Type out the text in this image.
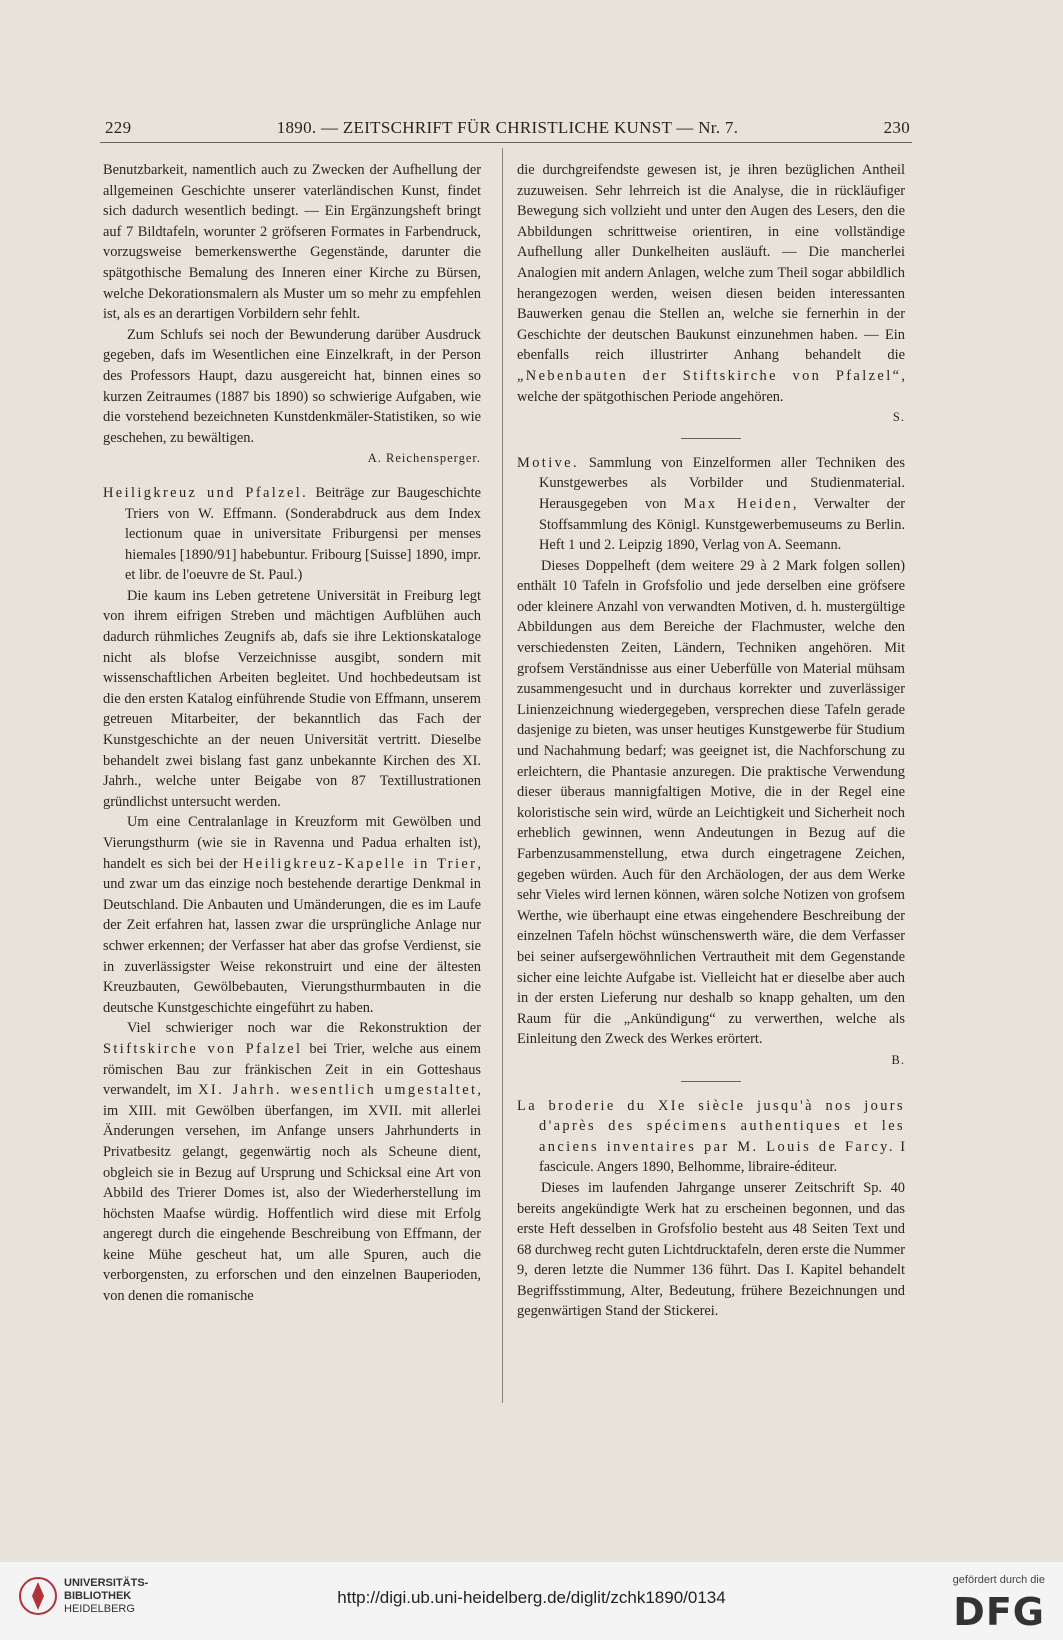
229	1890. — ZEITSCHRIFT FÜR CHRISTLICHE KUNST — Nr. 7.	230

Benutzbarkeit, namentlich auch zu Zwecken der Aufhellung der allgemeinen Geschichte unserer vaterländischen Kunst, findet sich dadurch wesentlich bedingt. — Ein Ergänzungsheft bringt auf 7 Bildtafeln, worunter 2 gröfseren Formates in Farbendruck, vorzugsweise bemerkenswerthe Gegenstände, darunter die spätgothische Bemalung des Inneren einer Kirche zu Bürsen, welche Dekorationsmalern als Muster um so mehr zu empfehlen ist, als es an derartigen Vorbildern sehr fehlt.

Zum Schlufs sei noch der Bewunderung darüber Ausdruck gegeben, dafs im Wesentlichen eine Einzelkraft, in der Person des Professors Haupt, dazu ausgereicht hat, binnen eines so kurzen Zeitraumes (1887 bis 1890) so schwierige Aufgaben, wie die vorstehend bezeichneten Kunstdenkmäler-Statistiken, so wie geschehen, zu bewältigen.

A. Reichensperger.

Heiligkreuz und Pfalzel. Beiträge zur Baugeschichte Triers von W. Effmann. (Sonderabdruck aus dem Index lectionum quae in universitate Friburgensi per menses hiemales [1890/91] habebuntur. Fribourg [Suisse] 1890, impr. et libr. de l'oeuvre de St. Paul.)

Die kaum ins Leben getretene Universität in Freiburg legt von ihrem eifrigen Streben und mächtigen Aufblühen auch dadurch rühmliches Zeugnifs ab, dafs sie ihre Lektionskataloge nicht als blofse Verzeichnisse ausgibt, sondern mit wissenschaftlichen Arbeiten begleitet. Und hochbedeutsam ist die den ersten Katalog einführende Studie von Effmann, unserem getreuen Mitarbeiter, der bekanntlich das Fach der Kunstgeschichte an der neuen Universität vertritt. Dieselbe behandelt zwei bislang fast ganz unbekannte Kirchen des XI. Jahrh., welche unter Beigabe von 87 Textillustrationen gründlichst untersucht werden.

Um eine Centralanlage in Kreuzform mit Gewölben und Vierungsthurm (wie sie in Ravenna und Padua erhalten ist), handelt es sich bei der Heiligkreuz-Kapelle in Trier, und zwar um das einzige noch bestehende derartige Denkmal in Deutschland. Die Anbauten und Umänderungen, die es im Laufe der Zeit erfahren hat, lassen zwar die ursprüngliche Anlage nur schwer erkennen; der Verfasser hat aber das grofse Verdienst, sie in zuverlässigster Weise rekonstruirt und eine der ältesten Kreuzbauten, Gewölbebauten, Vierungsthurmbauten in die deutsche Kunstgeschichte eingeführt zu haben.

Viel schwieriger noch war die Rekonstruktion der Stiftskirche von Pfalzel bei Trier, welche aus einem römischen Bau zur fränkischen Zeit in ein Gotteshaus verwandelt, im XI. Jahrh. wesentlich umgestaltet, im XIII. mit Gewölben überfangen, im XVII. mit allerlei Änderungen versehen, im Anfange unsers Jahrhunderts in Privatbesitz gelangt, gegenwärtig noch als Scheune dient, obgleich sie in Bezug auf Ursprung und Schicksal eine Art von Abbild des Trierer Domes ist, also der Wiederherstellung im höchsten Maafse würdig. Hoffentlich wird diese mit Erfolg angeregt durch die eingehende Beschreibung von Effmann, der keine Mühe gescheut hat, um alle Spuren, auch die verborgensten, zu erforschen und den einzelnen Bauperioden, von denen die romanische

die durchgreifendste gewesen ist, je ihren bezüglichen Antheil zuzuweisen. Sehr lehrreich ist die Analyse, die in rückläufiger Bewegung sich vollzieht und unter den Augen des Lesers, den die Abbildungen schrittweise orientiren, in eine vollständige Aufhellung aller Dunkelheiten ausläuft. — Die mancherlei Analogien mit andern Anlagen, welche zum Theil sogar abbildlich herangezogen werden, weisen diesen beiden interessanten Bauwerken genau die Stellen an, welche sie fernerhin in der Geschichte der deutschen Baukunst einzunehmen haben. — Ein ebenfalls reich illustrirter Anhang behandelt die „Nebenbauten der Stiftskirche von Pfalzel“, welche der spätgothischen Periode angehören.

S.

Motive. Sammlung von Einzelformen aller Techniken des Kunstgewerbes als Vorbilder und Studienmaterial. Herausgegeben von Max Heiden, Verwalter der Stoffsammlung des Königl. Kunstgewerbemuseums zu Berlin. Heft 1 und 2. Leipzig 1890, Verlag von A. Seemann.

Dieses Doppelheft (dem weitere 29 à 2 Mark folgen sollen) enthält 10 Tafeln in Grofsfolio und jede derselben eine gröfsere oder kleinere Anzahl von verwandten Motiven, d. h. mustergültige Abbildungen aus dem Bereiche der Flachmuster, welche den verschiedensten Zeiten, Ländern, Techniken angehören. Mit grofsem Verständnisse aus einer Ueberfülle von Material mühsam zusammengesucht und in durchaus korrekter und zuverlässiger Linienzeichnung wiedergegeben, versprechen diese Tafeln gerade dasjenige zu bieten, was unser heutiges Kunstgewerbe für Studium und Nachahmung bedarf; was geeignet ist, die Nachforschung zu erleichtern, die Phantasie anzuregen. Die praktische Verwendung dieser überaus mannigfaltigen Motive, die in der Regel eine koloristische sein wird, würde an Leichtigkeit und Sicherheit noch erheblich gewinnen, wenn Andeutungen in Bezug auf die Farbenzusammenstellung, etwa durch eingetragene Zeichen, gegeben würden. Auch für den Archäologen, der aus dem Werke sehr Vieles wird lernen können, wären solche Notizen von grofsem Werthe, wie überhaupt eine etwas eingehendere Beschreibung der einzelnen Tafeln höchst wünschenswerth wäre, die dem Verfasser bei seiner aufsergewöhnlichen Vertrautheit mit dem Gegenstande sicher eine leichte Aufgabe ist. Vielleicht hat er dieselbe aber auch in der ersten Lieferung nur deshalb so knapp gehalten, um den Raum für die „Ankündigung“ zu verwerthen, welche als Einleitung den Zweck des Werkes erörtert.

B.

La broderie du XIe siècle jusqu'à nos jours d'après des spécimens authentiques et les anciens inventaires par M. Louis de Farcy. I fascicule. Angers 1890, Belhomme, libraire-éditeur.

Dieses im laufenden Jahrgange unserer Zeitschrift Sp. 40 bereits angekündigte Werk hat zu erscheinen begonnen, und das erste Heft desselben in Grofsfolio besteht aus 48 Seiten Text und 68 durchweg recht guten Lichtdrucktafeln, deren erste die Nummer 9, deren letzte die Nummer 136 führt. Das I. Kapitel behandelt Begriffsstimmung, Alter, Bedeutung, frühere Bezeichnungen und gegenwärtigen Stand der Stickerei.

UNIVERSITÄTS-
BIBLIOTHEK
HEIDELBERG
http://digi.ub.uni-heidelberg.de/diglit/zchk1890/0134
gefördert durch die
DFG
